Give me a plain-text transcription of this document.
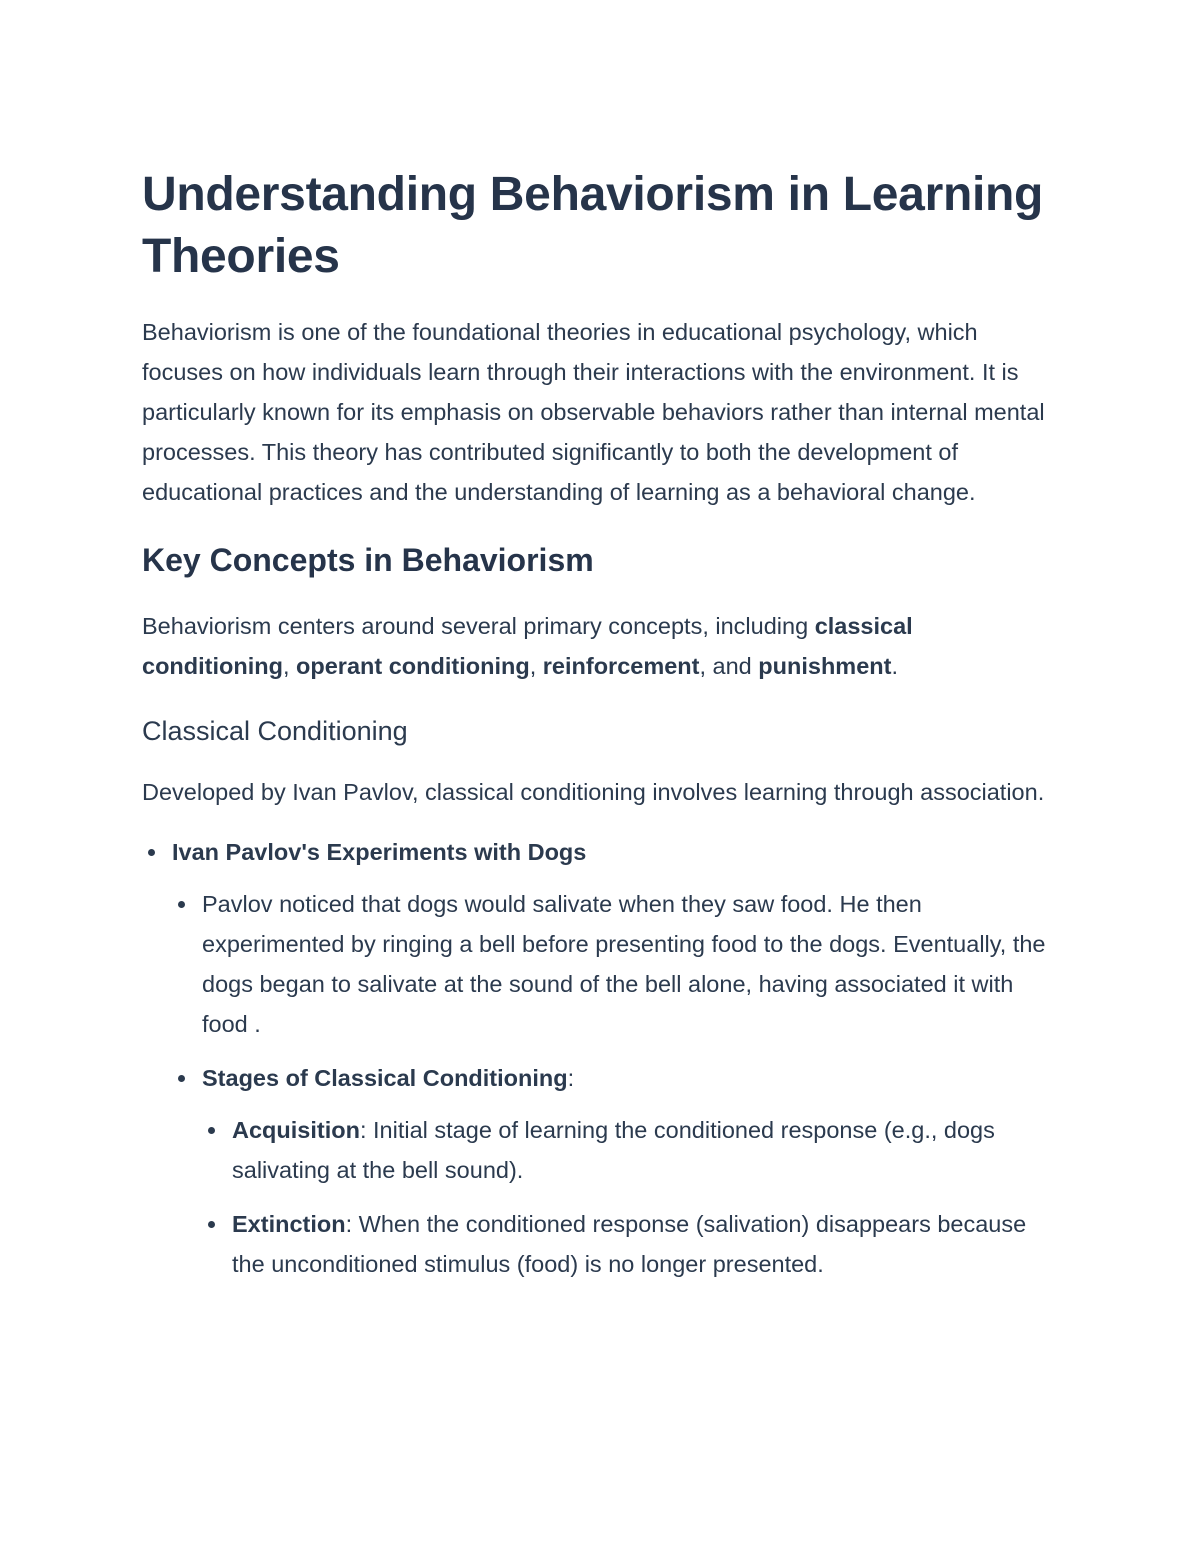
Understanding Behaviorism in Learning Theories

Behaviorism is one of the foundational theories in educational psychology, which focuses on how individuals learn through their interactions with the environment. It is particularly known for its emphasis on observable behaviors rather than internal mental processes. This theory has contributed significantly to both the development of educational practices and the understanding of learning as a behavioral change.

Key Concepts in Behaviorism

Behaviorism centers around several primary concepts, including classical conditioning, operant conditioning, reinforcement, and punishment.

Classical Conditioning

Developed by Ivan Pavlov, classical conditioning involves learning through association.

Ivan Pavlov's Experiments with Dogs
Pavlov noticed that dogs would salivate when they saw food. He then experimented by ringing a bell before presenting food to the dogs. Eventually, the dogs began to salivate at the sound of the bell alone, having associated it with food .
Stages of Classical Conditioning:
Acquisition: Initial stage of learning the conditioned response (e.g., dogs salivating at the bell sound).
Extinction: When the conditioned response (salivation) disappears because the unconditioned stimulus (food) is no longer presented.
